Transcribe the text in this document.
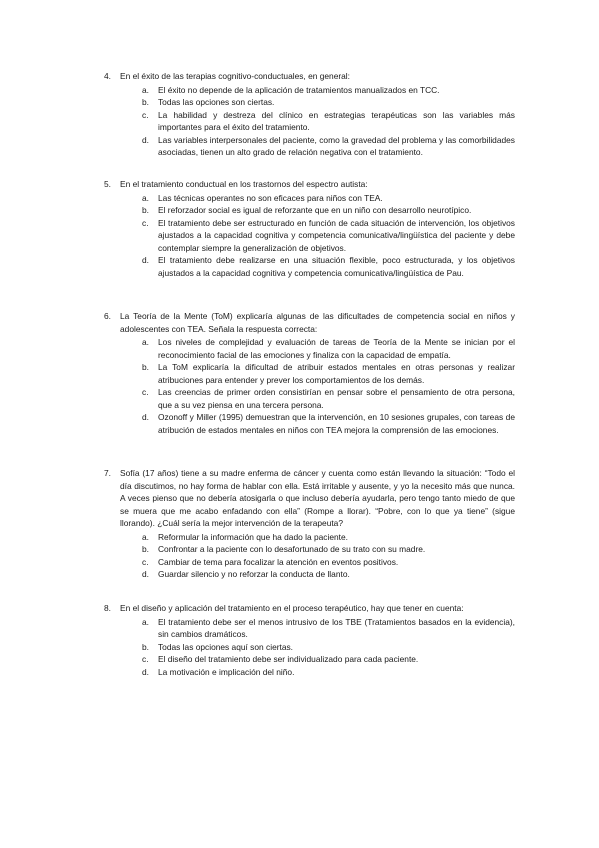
4.	En el éxito de las terapias cognitivo-conductuales, en general:
a. El éxito no depende de la aplicación de tratamientos manualizados en TCC.
b. Todas las opciones son ciertas.
c. La habilidad y destreza del clínico en estrategias terapéuticas son las variables más importantes para el éxito del tratamiento.
d. Las variables interpersonales del paciente, como la gravedad del problema y las comorbilidades asociadas, tienen un alto grado de relación negativa con el tratamiento.
5.	En el tratamiento conductual en los trastornos del espectro autista:
a. Las técnicas operantes no son eficaces para niños con TEA.
b. El reforzador social es igual de reforzante que en un niño con desarrollo neurotípico.
c. El tratamiento debe ser estructurado en función de cada situación de intervención, los objetivos ajustados a la capacidad cognitiva y competencia comunicativa/lingüística del paciente y debe contemplar siempre la generalización de objetivos.
d. El tratamiento debe realizarse en una situación flexible, poco estructurada, y los objetivos ajustados a la capacidad cognitiva y competencia comunicativa/lingüística de Pau.
6.	La Teoría de la Mente (ToM) explicaría algunas de las dificultades de competencia social en niños y adolescentes con TEA. Señala la respuesta correcta:
a. Los niveles de complejidad y evaluación de tareas de Teoría de la Mente se inician por el reconocimiento facial de las emociones y finaliza con la capacidad de empatía.
b. La ToM explicaría la dificultad de atribuir estados mentales en otras personas y realizar atribuciones para entender y prever los comportamientos de los demás.
c. Las creencias de primer orden consistirían en pensar sobre el pensamiento de otra persona, que a su vez piensa en una tercera persona.
d. Ozonoff y Miller (1995) demuestran que la intervención, en 10 sesiones grupales, con tareas de atribución de estados mentales en niños con TEA mejora la comprensión de las emociones.
7.	Sofía (17 años) tiene a su madre enferma de cáncer y cuenta como están llevando la situación: “Todo el día discutimos, no hay forma de hablar con ella. Está irritable y ausente, y yo la necesito más que nunca. A veces pienso que no debería atosigarla o que incluso debería ayudarla, pero tengo tanto miedo de que se muera que me acabo enfadando con ella” (Rompe a llorar). “Pobre, con lo que ya tiene” (sigue llorando). ¿Cuál sería la mejor intervención de la terapeuta?
a. Reformular la información que ha dado la paciente.
b. Confrontar a la paciente con lo desafortunado de su trato con su madre.
c. Cambiar de tema para focalizar la atención en eventos positivos.
d. Guardar silencio y no reforzar la conducta de llanto.
8.	En el diseño y aplicación del tratamiento en el proceso terapéutico, hay que tener en cuenta:
a. El tratamiento debe ser el menos intrusivo de los TBE (Tratamientos basados en la evidencia), sin cambios dramáticos.
b. Todas las opciones aquí son ciertas.
c. El diseño del tratamiento debe ser individualizado para cada paciente.
d. La motivación e implicación del niño.
